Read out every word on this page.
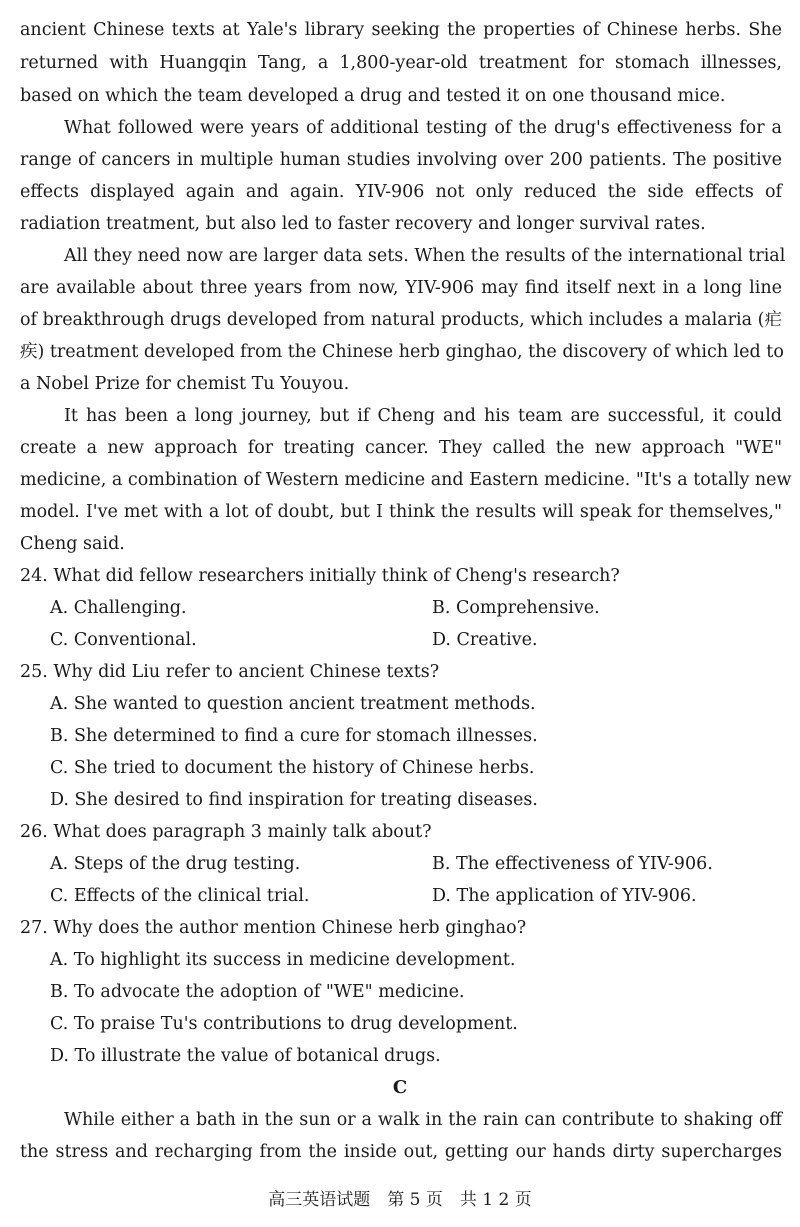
ancient Chinese texts at Yale's library seeking the properties of Chinese herbs. She
returned with Huangqin Tang, a 1,800-year-old treatment for stomach illnesses,
based on which the team developed a drug and tested it on one thousand mice.
What followed were years of additional testing of the drug's effectiveness for a
range of cancers in multiple human studies involving over 200 patients. The positive
effects displayed again and again. YIV-906 not only reduced the side effects of
radiation treatment, but also led to faster recovery and longer survival rates.
All they need now are larger data sets. When the results of the international trial
are available about three years from now, YIV-906 may find itself next in a long line
of breakthrough drugs developed from natural products, which includes a malaria (疟
疾) treatment developed from the Chinese herb ginghao, the discovery of which led to
a Nobel Prize for chemist Tu Youyou.
It has been a long journey, but if Cheng and his team are successful, it could
create a new approach for treating cancer. They called the new approach "WE"
medicine, a combination of Western medicine and Eastern medicine. "It's a totally new
model. I've met with a lot of doubt, but I think the results will speak for themselves,"
Cheng said.
24. What did fellow researchers initially think of Cheng's research?
A. Challenging.	B. Comprehensive.
C. Conventional.	D. Creative.
25. Why did Liu refer to ancient Chinese texts?
A. She wanted to question ancient treatment methods.
B. She determined to find a cure for stomach illnesses.
C. She tried to document the history of Chinese herbs.
D. She desired to find inspiration for treating diseases.
26. What does paragraph 3 mainly talk about?
A. Steps of the drug testing.	B. The effectiveness of YIV-906.
C. Effects of the clinical trial.	D. The application of YIV-906.
27. Why does the author mention Chinese herb ginghao?
A. To highlight its success in medicine development.
B. To advocate the adoption of "WE" medicine.
C. To praise Tu's contributions to drug development.
D. To illustrate the value of botanical drugs.
C
While either a bath in the sun or a walk in the rain can contribute to shaking off
the stress and recharging from the inside out, getting our hands dirty supercharges
高三英语试题　第 5 页　共 1 2 页
